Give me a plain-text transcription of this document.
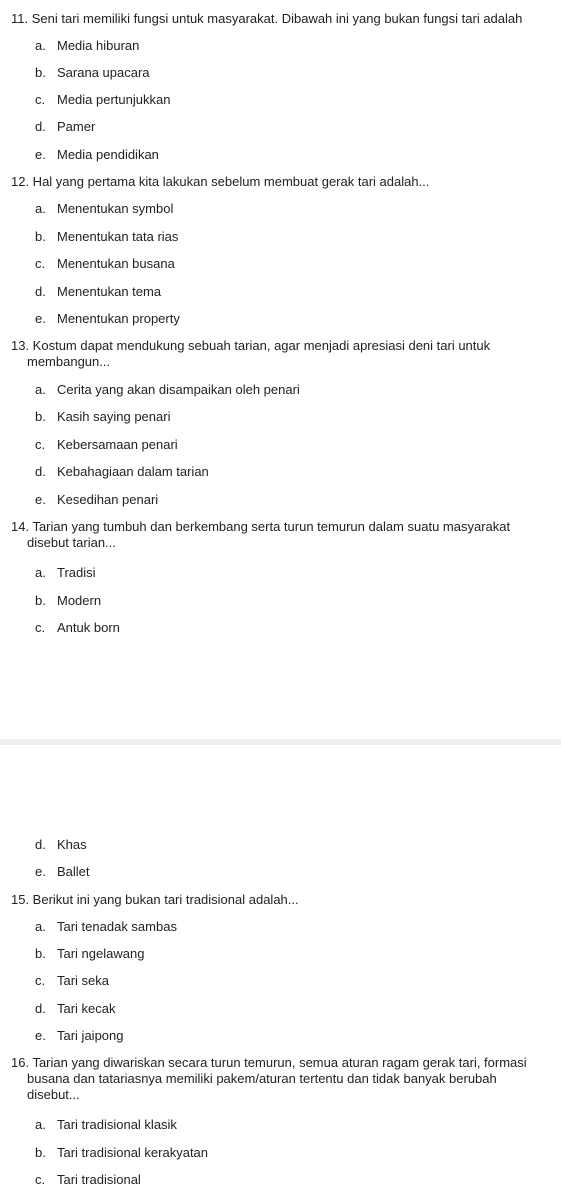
11. Seni tari memiliki fungsi untuk masyarakat. Dibawah ini yang bukan fungsi tari adalah
a. Media hiburan
b. Sarana upacara
c. Media pertunjukkan
d. Pamer
e. Media pendidikan
12. Hal yang pertama kita lakukan sebelum membuat gerak tari adalah...
a. Menentukan symbol
b. Menentukan tata rias
c. Menentukan busana
d. Menentukan tema
e. Menentukan property
13. Kostum dapat mendukung sebuah tarian, agar menjadi apresiasi deni tari untuk
membangun...
a. Cerita yang akan disampaikan oleh penari
b. Kasih saying penari
c. Kebersamaan penari
d. Kebahagiaan dalam tarian
e. Kesedihan penari
14. Tarian yang tumbuh dan berkembang serta turun temurun dalam suatu masyarakat
disebut tarian...
a. Tradisi
b. Modern
c. Antuk born
d. Khas
e. Ballet
15. Berikut ini yang bukan tari tradisional adalah...
a. Tari tenadak sambas
b. Tari ngelawang
c. Tari seka
d. Tari kecak
e. Tari jaipong
16. Tarian yang diwariskan secara turun temurun, semua aturan ragam gerak tari, formasi
busana dan tatariasnya memiliki pakem/aturan tertentu dan tidak banyak berubah
disebut...
a. Tari tradisional klasik
b. Tari tradisional kerakyatan
c. Tari tradisional
